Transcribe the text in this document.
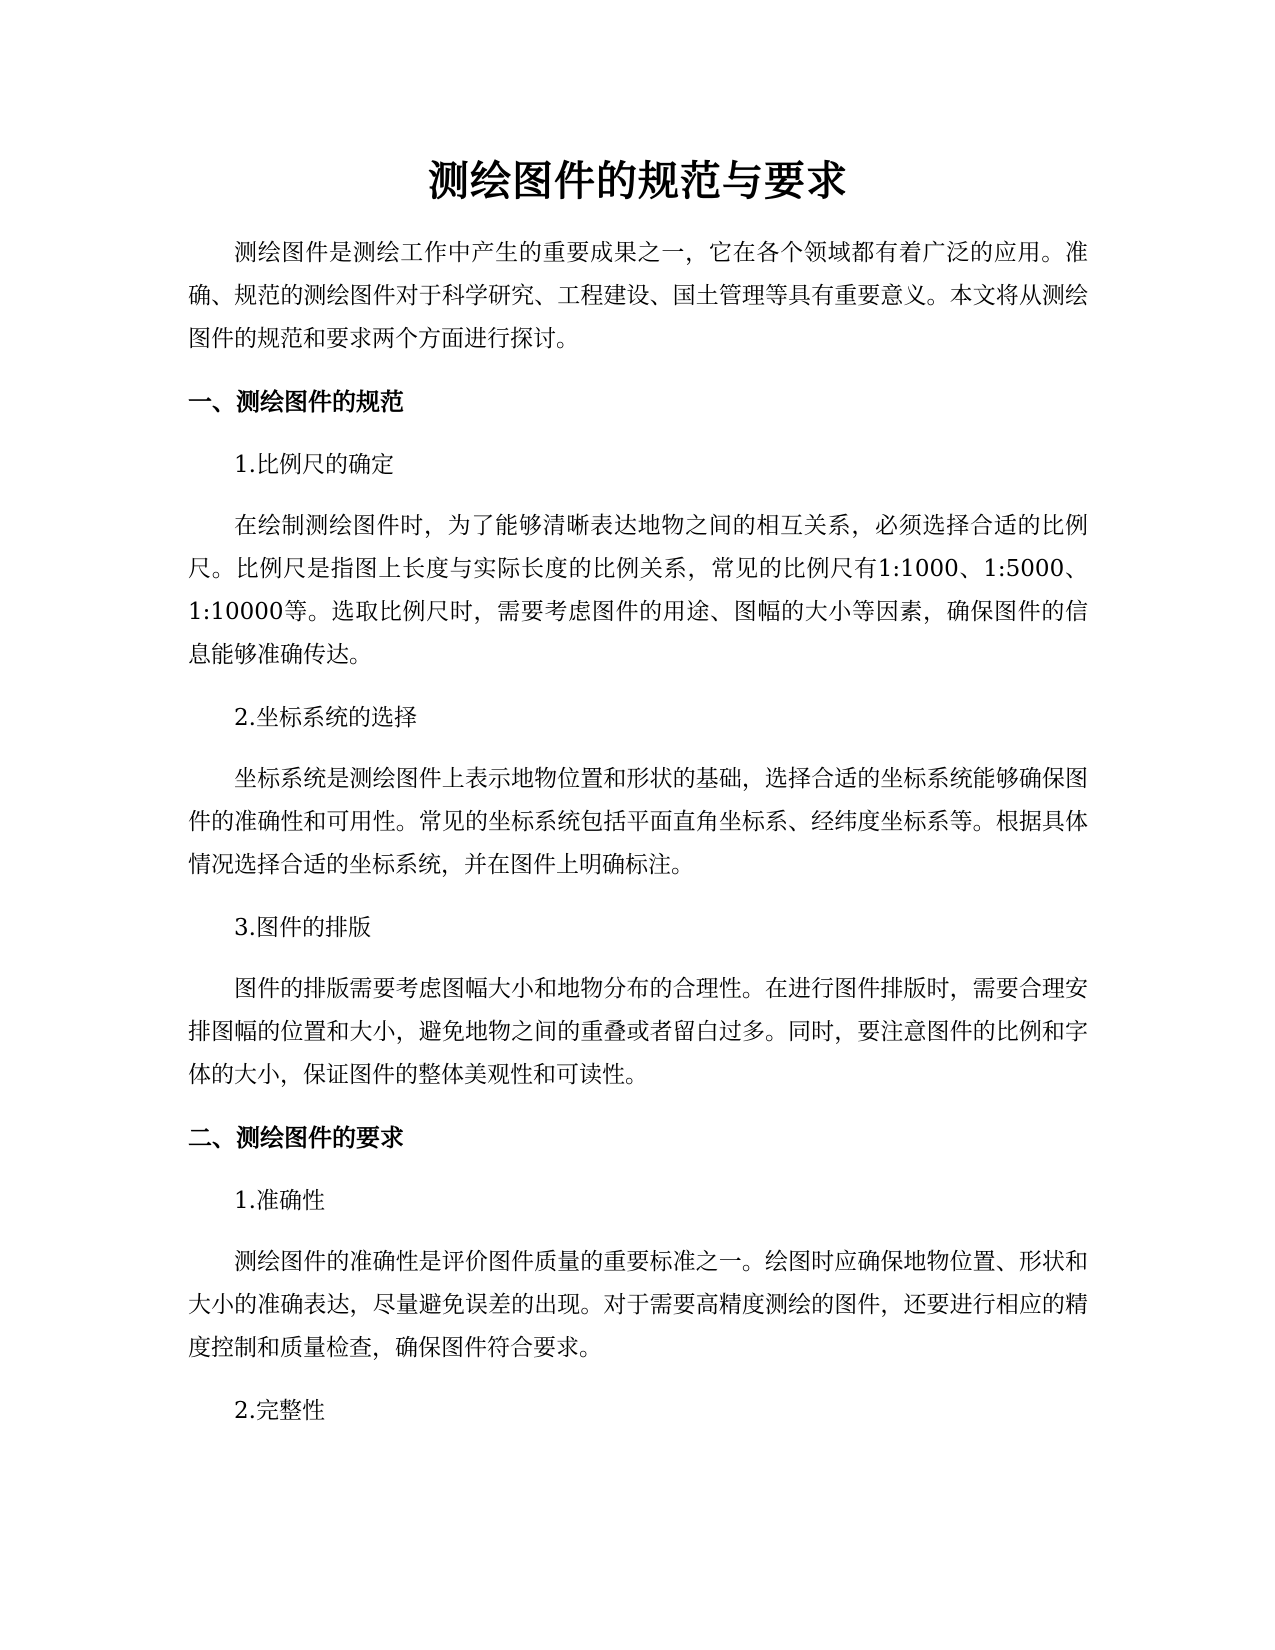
测绘图件的规范与要求

测绘图件是测绘工作中产生的重要成果之一，它在各个领域都有着广泛的应用。准确、规范的测绘图件对于科学研究、工程建设、国土管理等具有重要意义。本文将从测绘图件的规范和要求两个方面进行探讨。

一、测绘图件的规范

1.比例尺的确定

在绘制测绘图件时，为了能够清晰表达地物之间的相互关系，必须选择合适的比例尺。比例尺是指图上长度与实际长度的比例关系，常见的比例尺有1:1000、1:5000、1:10000等。选取比例尺时，需要考虑图件的用途、图幅的大小等因素，确保图件的信息能够准确传达。

2.坐标系统的选择

坐标系统是测绘图件上表示地物位置和形状的基础，选择合适的坐标系统能够确保图件的准确性和可用性。常见的坐标系统包括平面直角坐标系、经纬度坐标系等。根据具体情况选择合适的坐标系统，并在图件上明确标注。

3.图件的排版

图件的排版需要考虑图幅大小和地物分布的合理性。在进行图件排版时，需要合理安排图幅的位置和大小，避免地物之间的重叠或者留白过多。同时，要注意图件的比例和字体的大小，保证图件的整体美观性和可读性。

二、测绘图件的要求

1.准确性

测绘图件的准确性是评价图件质量的重要标准之一。绘图时应确保地物位置、形状和大小的准确表达，尽量避免误差的出现。对于需要高精度测绘的图件，还要进行相应的精度控制和质量检查，确保图件符合要求。

2.完整性
